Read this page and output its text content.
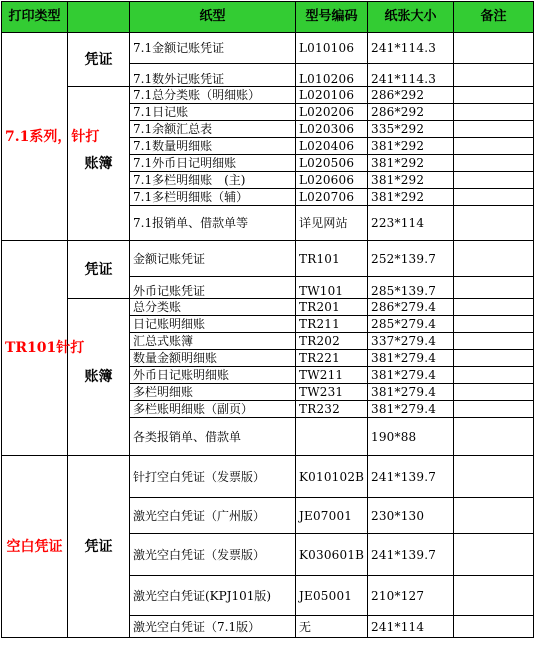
打印类型		纸型	型号编码	纸张大小	备注
7.1系列，针打	凭证	7.1金额记账凭证	L010106	241*114.3	
		7.1数外记账凭证	L010206	241*114.3	
	账簿	7.1总分类账（明细账）	L020106	286*292	
		7.1日记账	L020206	286*292	
		7.1余额汇总表	L020306	335*292	
		7.1数量明细账	L020406	381*292	
		7.1外币日记明细账	L020506	381*292	
		7.1多栏明细账　(主)	L020606	381*292	
		7.1多栏明细账（辅）	L020706	381*292	
		7.1报销单、借款单等	详见网站	223*114	
TR101针打	凭证	金额记账凭证	TR101	252*139.7	
		外币记账凭证	TW101	285*139.7	
	账簿	总分类账	TR201	286*279.4	
		日记账明细账	TR211	285*279.4	
		汇总式账簿	TR202	337*279.4	
		数量金额明细账	TR221	381*279.4	
		外币日记账明细账	TW211	381*279.4	
		多栏明细账	TW231	381*279.4	
		多栏账明细账（副页）	TR232	381*279.4	
		各类报销单、借款单		190*88	
空白凭证	凭证	针打空白凭证（发票版）	K010102B	241*139.7	
		激光空白凭证（广州版）	JE07001	230*130	
		激光空白凭证（发票版）	K030601B	241*139.7	
		激光空白凭证(KPJ101版)	JE05001	210*127	
		激光空白凭证（7.1版）	无	241*114	
